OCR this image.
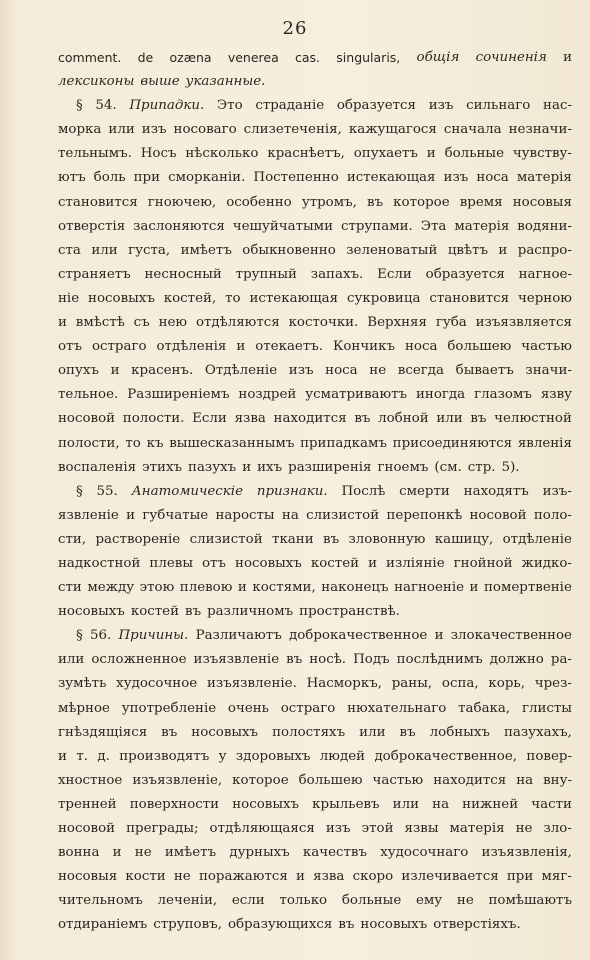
26
comment. de ozæna venerea cas. singularis, общія сочиненія и
лексиконы выше указанные.
§ 54. Припадки. Это страданіе образуется изъ сильнаго нас-
морка или изъ носоваго слизетеченія, кажущагося сначала незначи-
тельнымъ. Носъ нѣсколько краснѣетъ, опухаетъ и больные чувству-
ютъ боль при сморканіи. Постепенно истекающая изъ носа матерія
становится гноючею, особенно утромъ, въ которое время носовыя
отверстія заслоняются чешуйчатыми струпами. Эта матерія водяни-
ста или густа, имѣетъ обыкновенно зеленоватый цвѣтъ и распро-
страняетъ несносный трупный запахъ. Если образуется нагное-
ніе носовыхъ костей, то истекающая сукровица становится черною
и вмѣстѣ съ нею отдѣляются косточки. Верхняя губа изъязвляется
отъ остраго отдѣленія и отекаетъ. Кончикъ носа большею частью
опухъ и красенъ. Отдѣленіе изъ носа не всегда бываетъ значи-
тельное. Разширеніемъ ноздрей усматриваютъ иногда глазомъ язву
носовой полости. Если язва находится въ лобной или въ челюстной
полости, то къ вышесказаннымъ припадкамъ присоединяются явленія
воспаленія этихъ пазухъ и ихъ разширенія гноемъ (см. стр. 5).
§ 55. Анатомическіе признаки. Послѣ смерти находятъ изъ-
язвленіе и губчатые наросты на слизистой перепонкѣ носовой поло-
сти, раствореніе слизистой ткани въ зловонную кашицу, отдѣленіе
надкостной плевы отъ носовыхъ костей и изліяніе гнойной жидко-
сти между этою плевою и костями, наконецъ нагноеніе и помертвеніе
носовыхъ костей въ различномъ пространствѣ.
§ 56. Причины. Различаютъ доброкачественное и злокачественное
или осложненное изъязвленіе въ носѣ. Подъ послѣднимъ должно ра-
зумѣть худосочное изъязвленіе. Насморкъ, раны, оспа, корь, чрез-
мѣрное употребленіе очень остраго нюхательнаго табака, глисты
гнѣздящіяся въ носовыхъ полостяхъ или въ лобныхъ пазухахъ,
и т. д. производятъ у здоровыхъ людей доброкачественное, повер-
хностное изъязвленіе, которое большею частью находится на вну-
тренней поверхности носовыхъ крыльевъ или на нижней части
носовой преграды; отдѣляющаяся изъ этой язвы матерія не зло-
вонна и не имѣетъ дурныхъ качествъ худосочнаго изъязвленія,
носовыя кости не поражаются и язва скоро излечивается при мяг-
чительномъ леченіи, если только больные ему не помѣшаютъ
отдираніемъ струповъ, образующихся въ носовыхъ отверстіяхъ.
